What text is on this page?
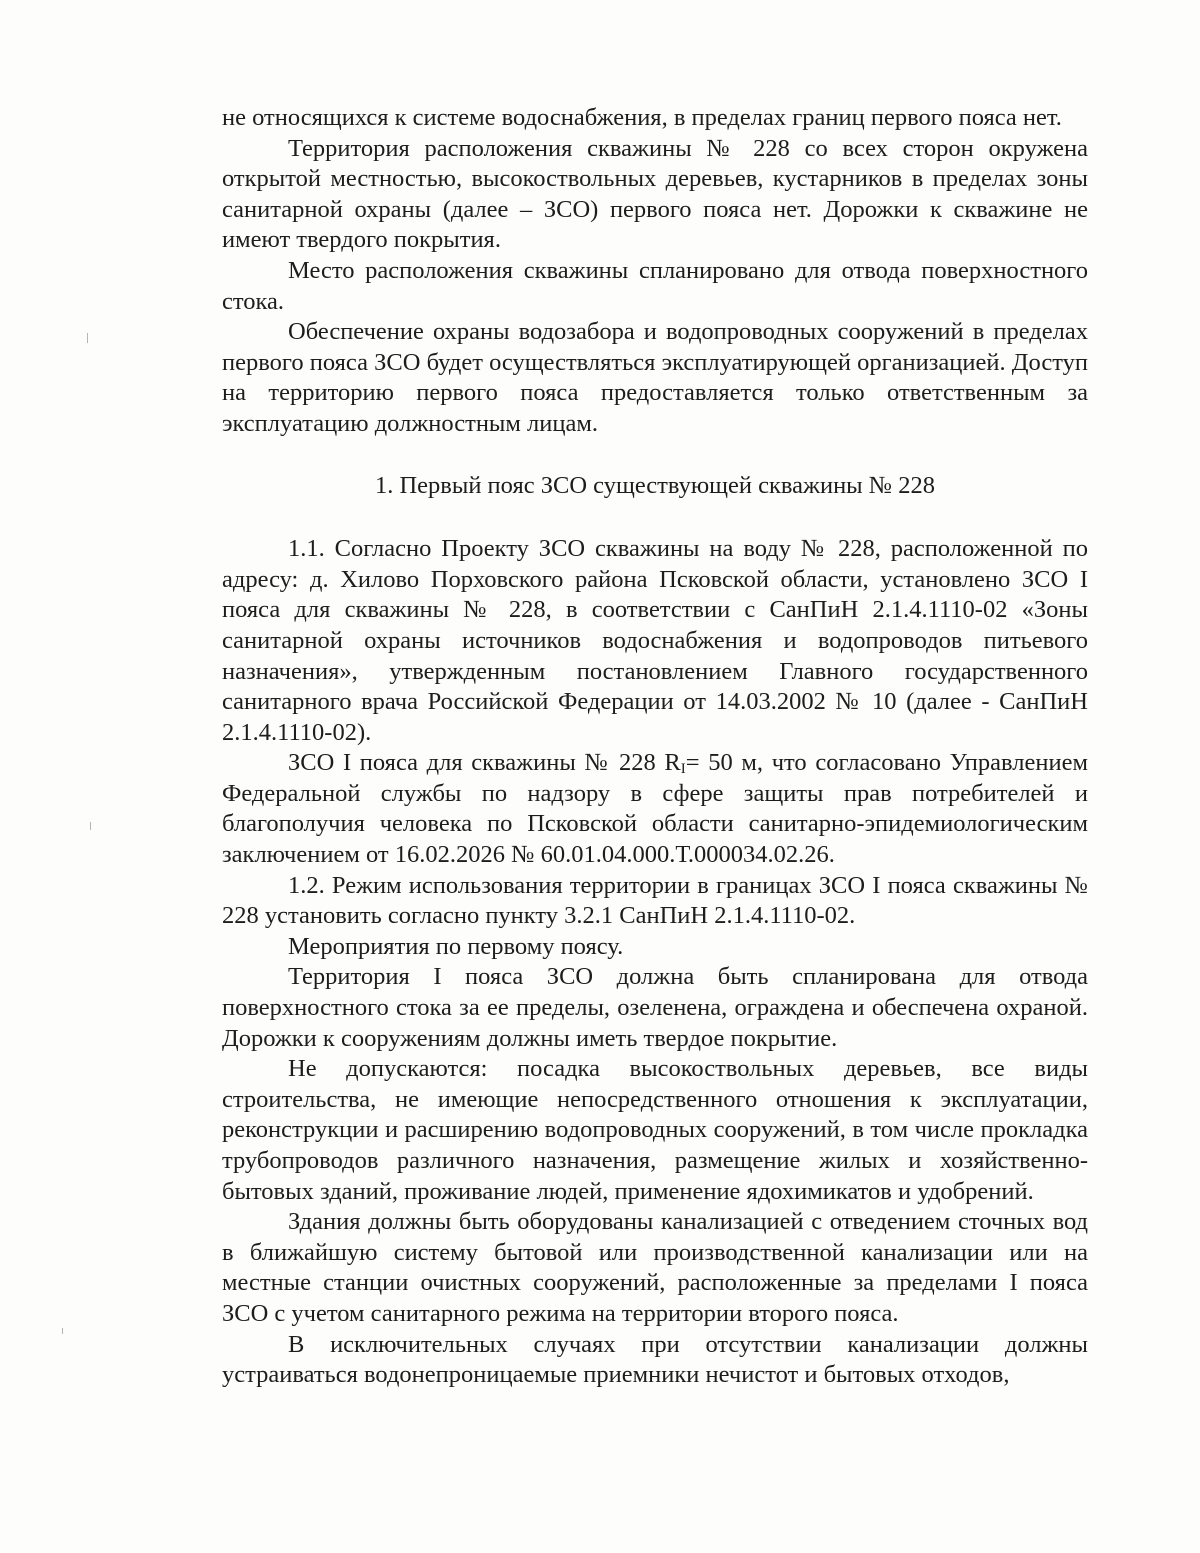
не относящихся к системе водоснабжения, в пределах границ первого пояса нет.

Территория расположения скважины № 228 со всех сторон окружена открытой местностью, высокоствольных деревьев, кустарников в пределах зоны санитарной охраны (далее – ЗСО) первого пояса нет. Дорожки к скважине не имеют твердого покрытия.

Место расположения скважины спланировано для отвода поверхностного стока.

Обеспечение охраны водозабора и водопроводных сооружений в пределах первого пояса ЗСО будет осуществляться эксплуатирующей организацией. Доступ на территорию первого пояса предоставляется только ответственным за эксплуатацию должностным лицам.

1. Первый пояс ЗСО существующей скважины № 228

1.1. Согласно Проекту ЗСО скважины на воду № 228, расположенной по адресу: д. Хилово Порховского района Псковской области, установлено ЗСО I пояса для скважины № 228, в соответствии с СанПиН 2.1.4.1110-02 «Зоны санитарной охраны источников водоснабжения и водопроводов питьевого назначения», утвержденным постановлением Главного государственного санитарного врача Российской Федерации от 14.03.2002 № 10 (далее - СанПиН 2.1.4.1110-02).

ЗСО I пояса для скважины № 228 $R_I= 50$ м, что согласовано Управлением Федеральной службы по надзору в сфере защиты прав потребителей и благополучия человека по Псковской области санитарно-эпидемиологическим заключением от 16.02.2026 № 60.01.04.000.Т.000034.02.26.

1.2. Режим использования территории в границах ЗСО I пояса скважины № 228 установить согласно пункту 3.2.1 СанПиН 2.1.4.1110-02.

Мероприятия по первому поясу.

Территория I пояса ЗСО должна быть спланирована для отвода поверхностного стока за ее пределы, озеленена, ограждена и обеспечена охраной. Дорожки к сооружениям должны иметь твердое покрытие.

Не допускаются: посадка высокоствольных деревьев, все виды строительства, не имеющие непосредственного отношения к эксплуатации, реконструкции и расширению водопроводных сооружений, в том числе прокладка трубопроводов различного назначения, размещение жилых и хозяйственно-бытовых зданий, проживание людей, применение ядохимикатов и удобрений.

Здания должны быть оборудованы канализацией с отведением сточных вод в ближайшую систему бытовой или производственной канализации или на местные станции очистных сооружений, расположенные за пределами I пояса ЗСО с учетом санитарного режима на территории второго пояса.

В исключительных случаях при отсутствии канализации должны устраиваться водонепроницаемые приемники нечистот и бытовых отходов,
